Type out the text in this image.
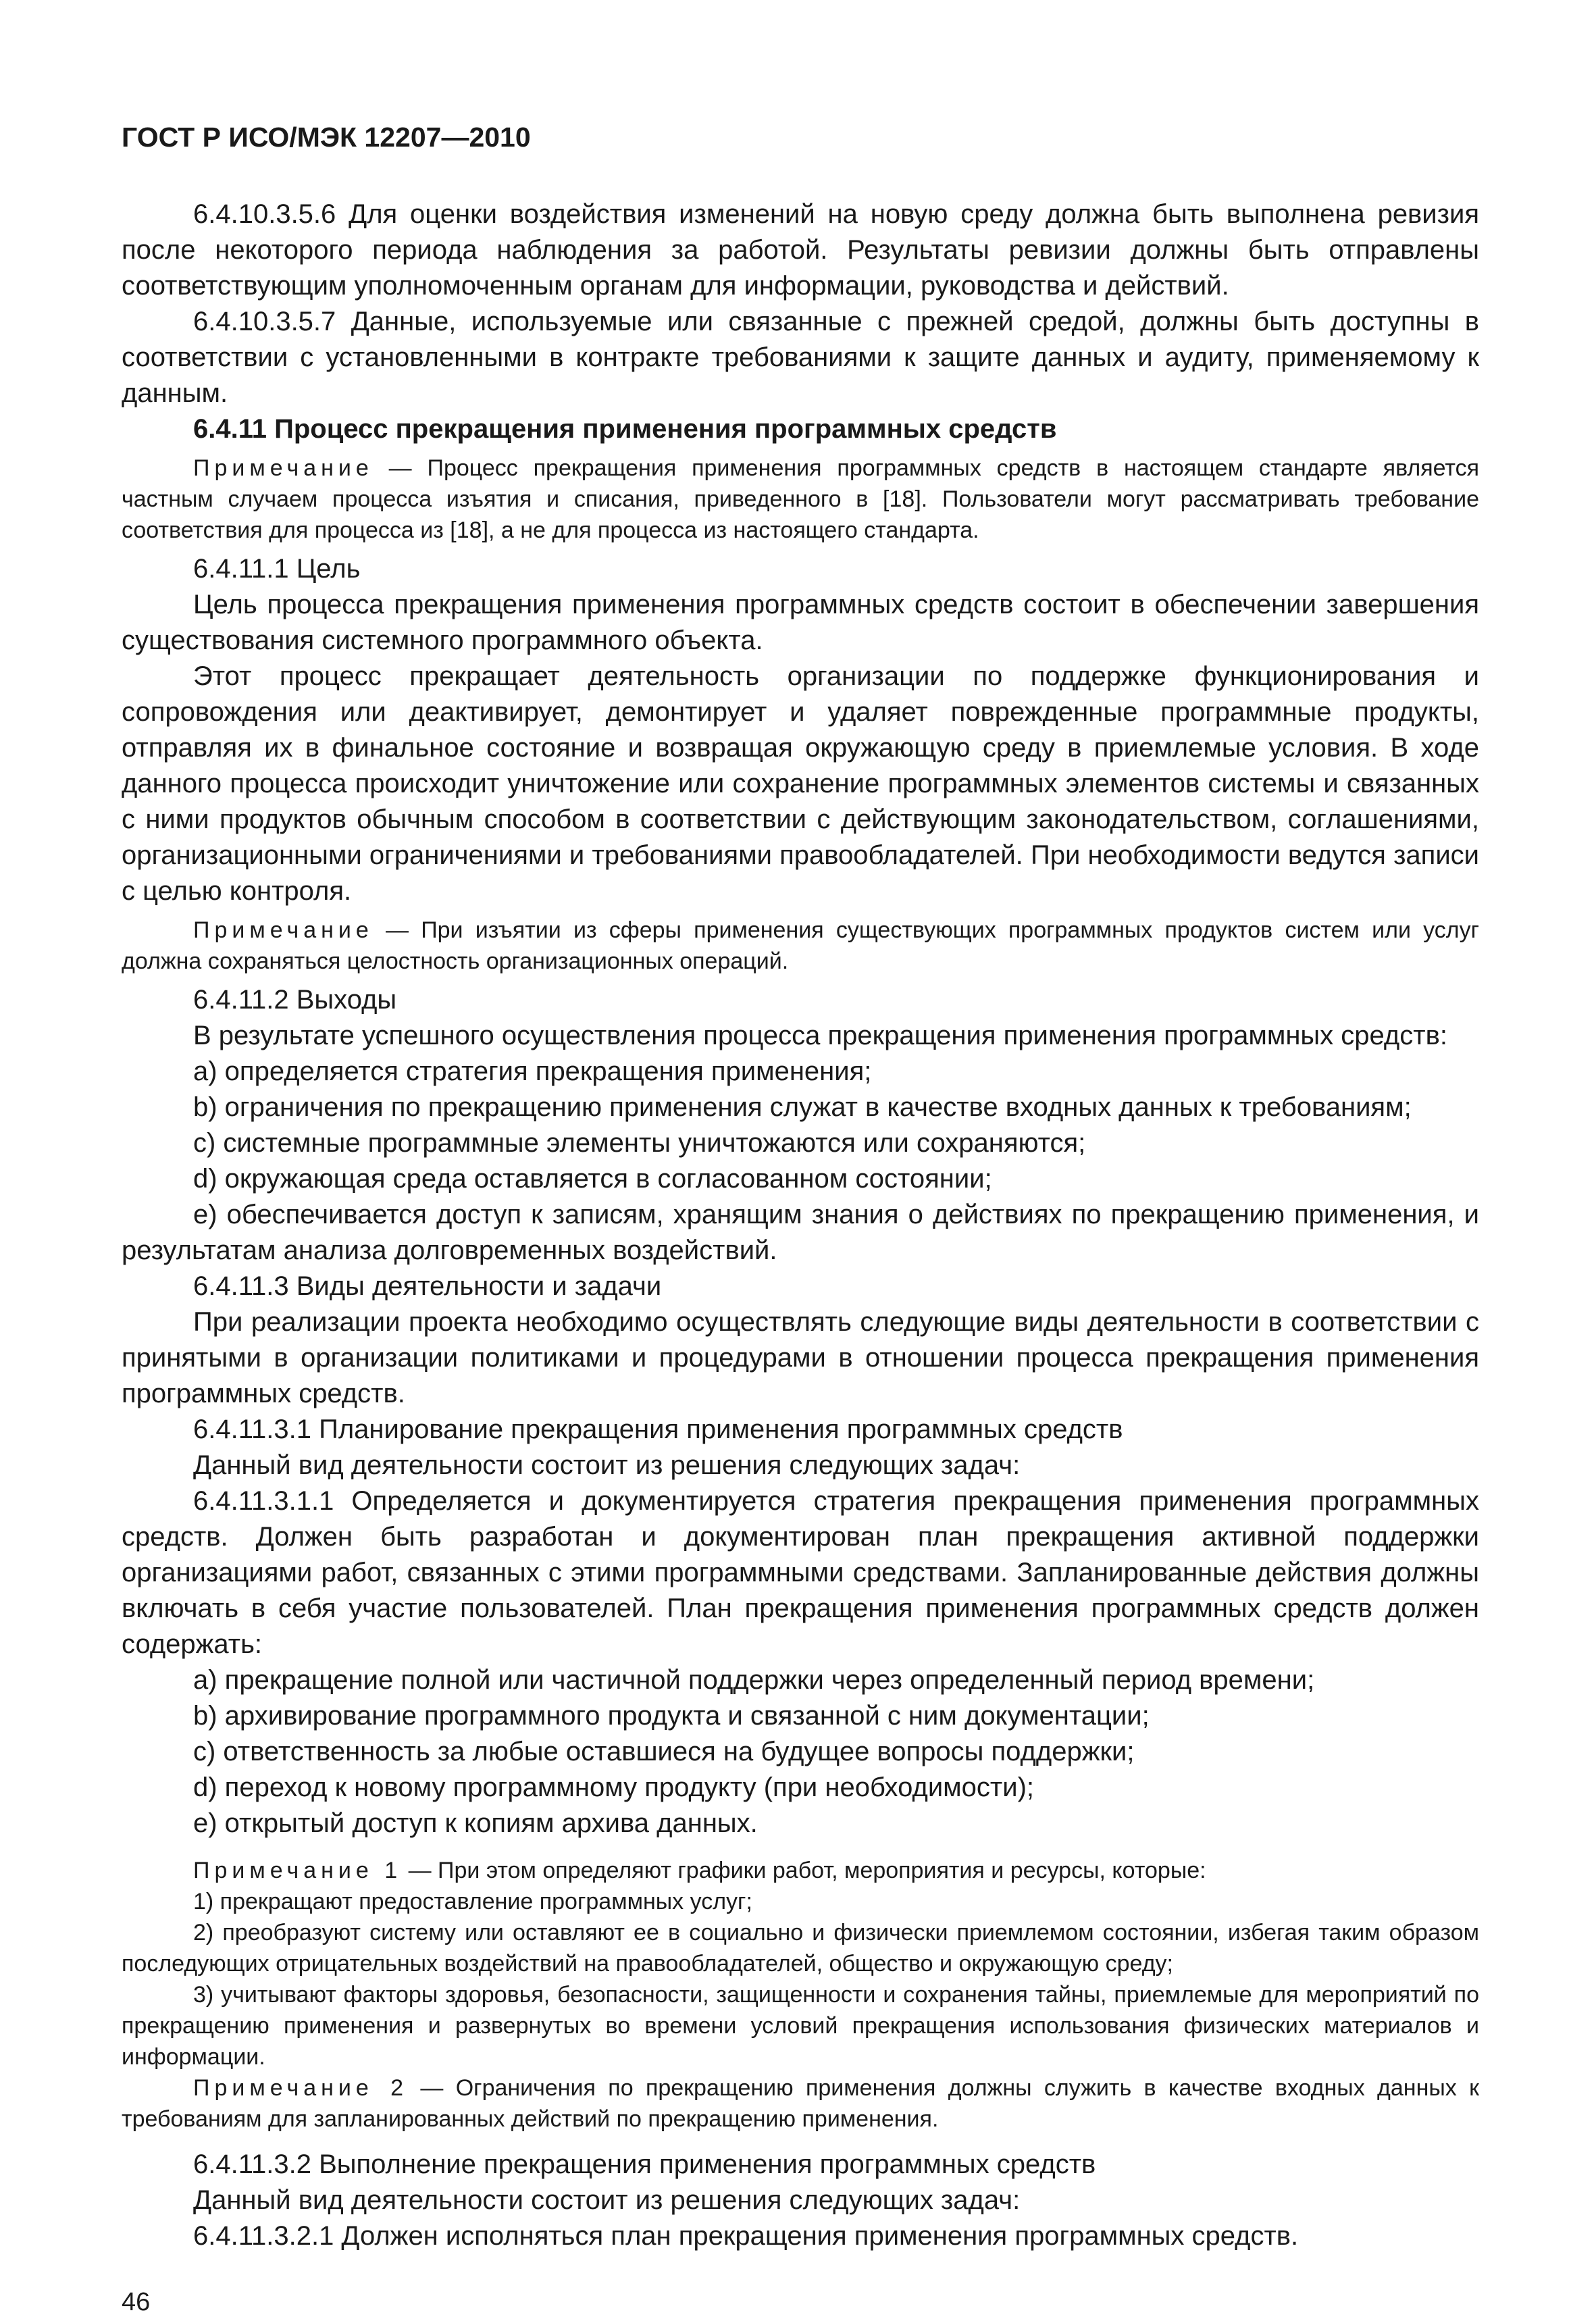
ГОСТ Р ИСО/МЭК 12207—2010

6.4.10.3.5.6 Для оценки воздействия изменений на новую среду должна быть выполнена ревизия после некоторого периода наблюдения за работой. Результаты ревизии должны быть отправлены соответствующим уполномоченным органам для информации, руководства и действий.

6.4.10.3.5.7 Данные, используемые или связанные с прежней средой, должны быть доступны в соответствии с установленными в контракте требованиями к защите данных и аудиту, применяемому к данным.

6.4.11 Процесс прекращения применения программных средств

Примечание — Процесс прекращения применения программных средств в настоящем стандарте является частным случаем процесса изъятия и списания, приведенного в [18]. Пользователи могут рассматривать требование соответствия для процесса из [18], а не для процесса из настоящего стандарта.

6.4.11.1 Цель

Цель процесса прекращения применения программных средств состоит в обеспечении завершения существования системного программного объекта.

Этот процесс прекращает деятельность организации по поддержке функционирования и сопровождения или деактивирует, демонтирует и удаляет поврежденные программные продукты, отправляя их в финальное состояние и возвращая окружающую среду в приемлемые условия. В ходе данного процесса происходит уничтожение или сохранение программных элементов системы и связанных с ними продуктов обычным способом в соответствии с действующим законодательством, соглашениями, организационными ограничениями и требованиями правообладателей. При необходимости ведутся записи с целью контроля.

Примечание — При изъятии из сферы применения существующих программных продуктов систем или услуг должна сохраняться целостность организационных операций.

6.4.11.2 Выходы

В результате успешного осуществления процесса прекращения применения программных средств:

a) определяется стратегия прекращения применения;

b) ограничения по прекращению применения служат в качестве входных данных к требованиям;

c) системные программные элементы уничтожаются или сохраняются;

d) окружающая среда оставляется в согласованном состоянии;

e) обеспечивается доступ к записям, хранящим знания о действиях по прекращению применения, и результатам анализа долговременных воздействий.

6.4.11.3 Виды деятельности и задачи

При реализации проекта необходимо осуществлять следующие виды деятельности в соответствии с принятыми в организации политиками и процедурами в отношении процесса прекращения применения программных средств.

6.4.11.3.1 Планирование прекращения применения программных средств

Данный вид деятельности состоит из решения следующих задач:

6.4.11.3.1.1 Определяется и документируется стратегия прекращения применения программных средств. Должен быть разработан и документирован план прекращения активной поддержки организациями работ, связанных с этими программными средствами. Запланированные действия должны включать в себя участие пользователей. План прекращения применения программных средств должен содержать:

a) прекращение полной или частичной поддержки через определенный период времени;

b) архивирование программного продукта и связанной с ним документации;

c) ответственность за любые оставшиеся на будущее вопросы поддержки;

d) переход к новому программному продукту (при необходимости);

e) открытый доступ к копиям архива данных.

Примечание 1 — При этом определяют графики работ, мероприятия и ресурсы, которые:

1) прекращают предоставление программных услуг;

2) преобразуют систему или оставляют ее в социально и физически приемлемом состоянии, избегая таким образом последующих отрицательных воздействий на правообладателей, общество и окружающую среду;

3) учитывают факторы здоровья, безопасности, защищенности и сохранения тайны, приемлемые для мероприятий по прекращению применения и развернутых во времени условий прекращения использования физических материалов и информации.

Примечание 2 — Ограничения по прекращению применения должны служить в качестве входных данных к требованиям для запланированных действий по прекращению применения.

6.4.11.3.2 Выполнение прекращения применения программных средств

Данный вид деятельности состоит из решения следующих задач:

6.4.11.3.2.1 Должен исполняться план прекращения применения программных средств.

46
